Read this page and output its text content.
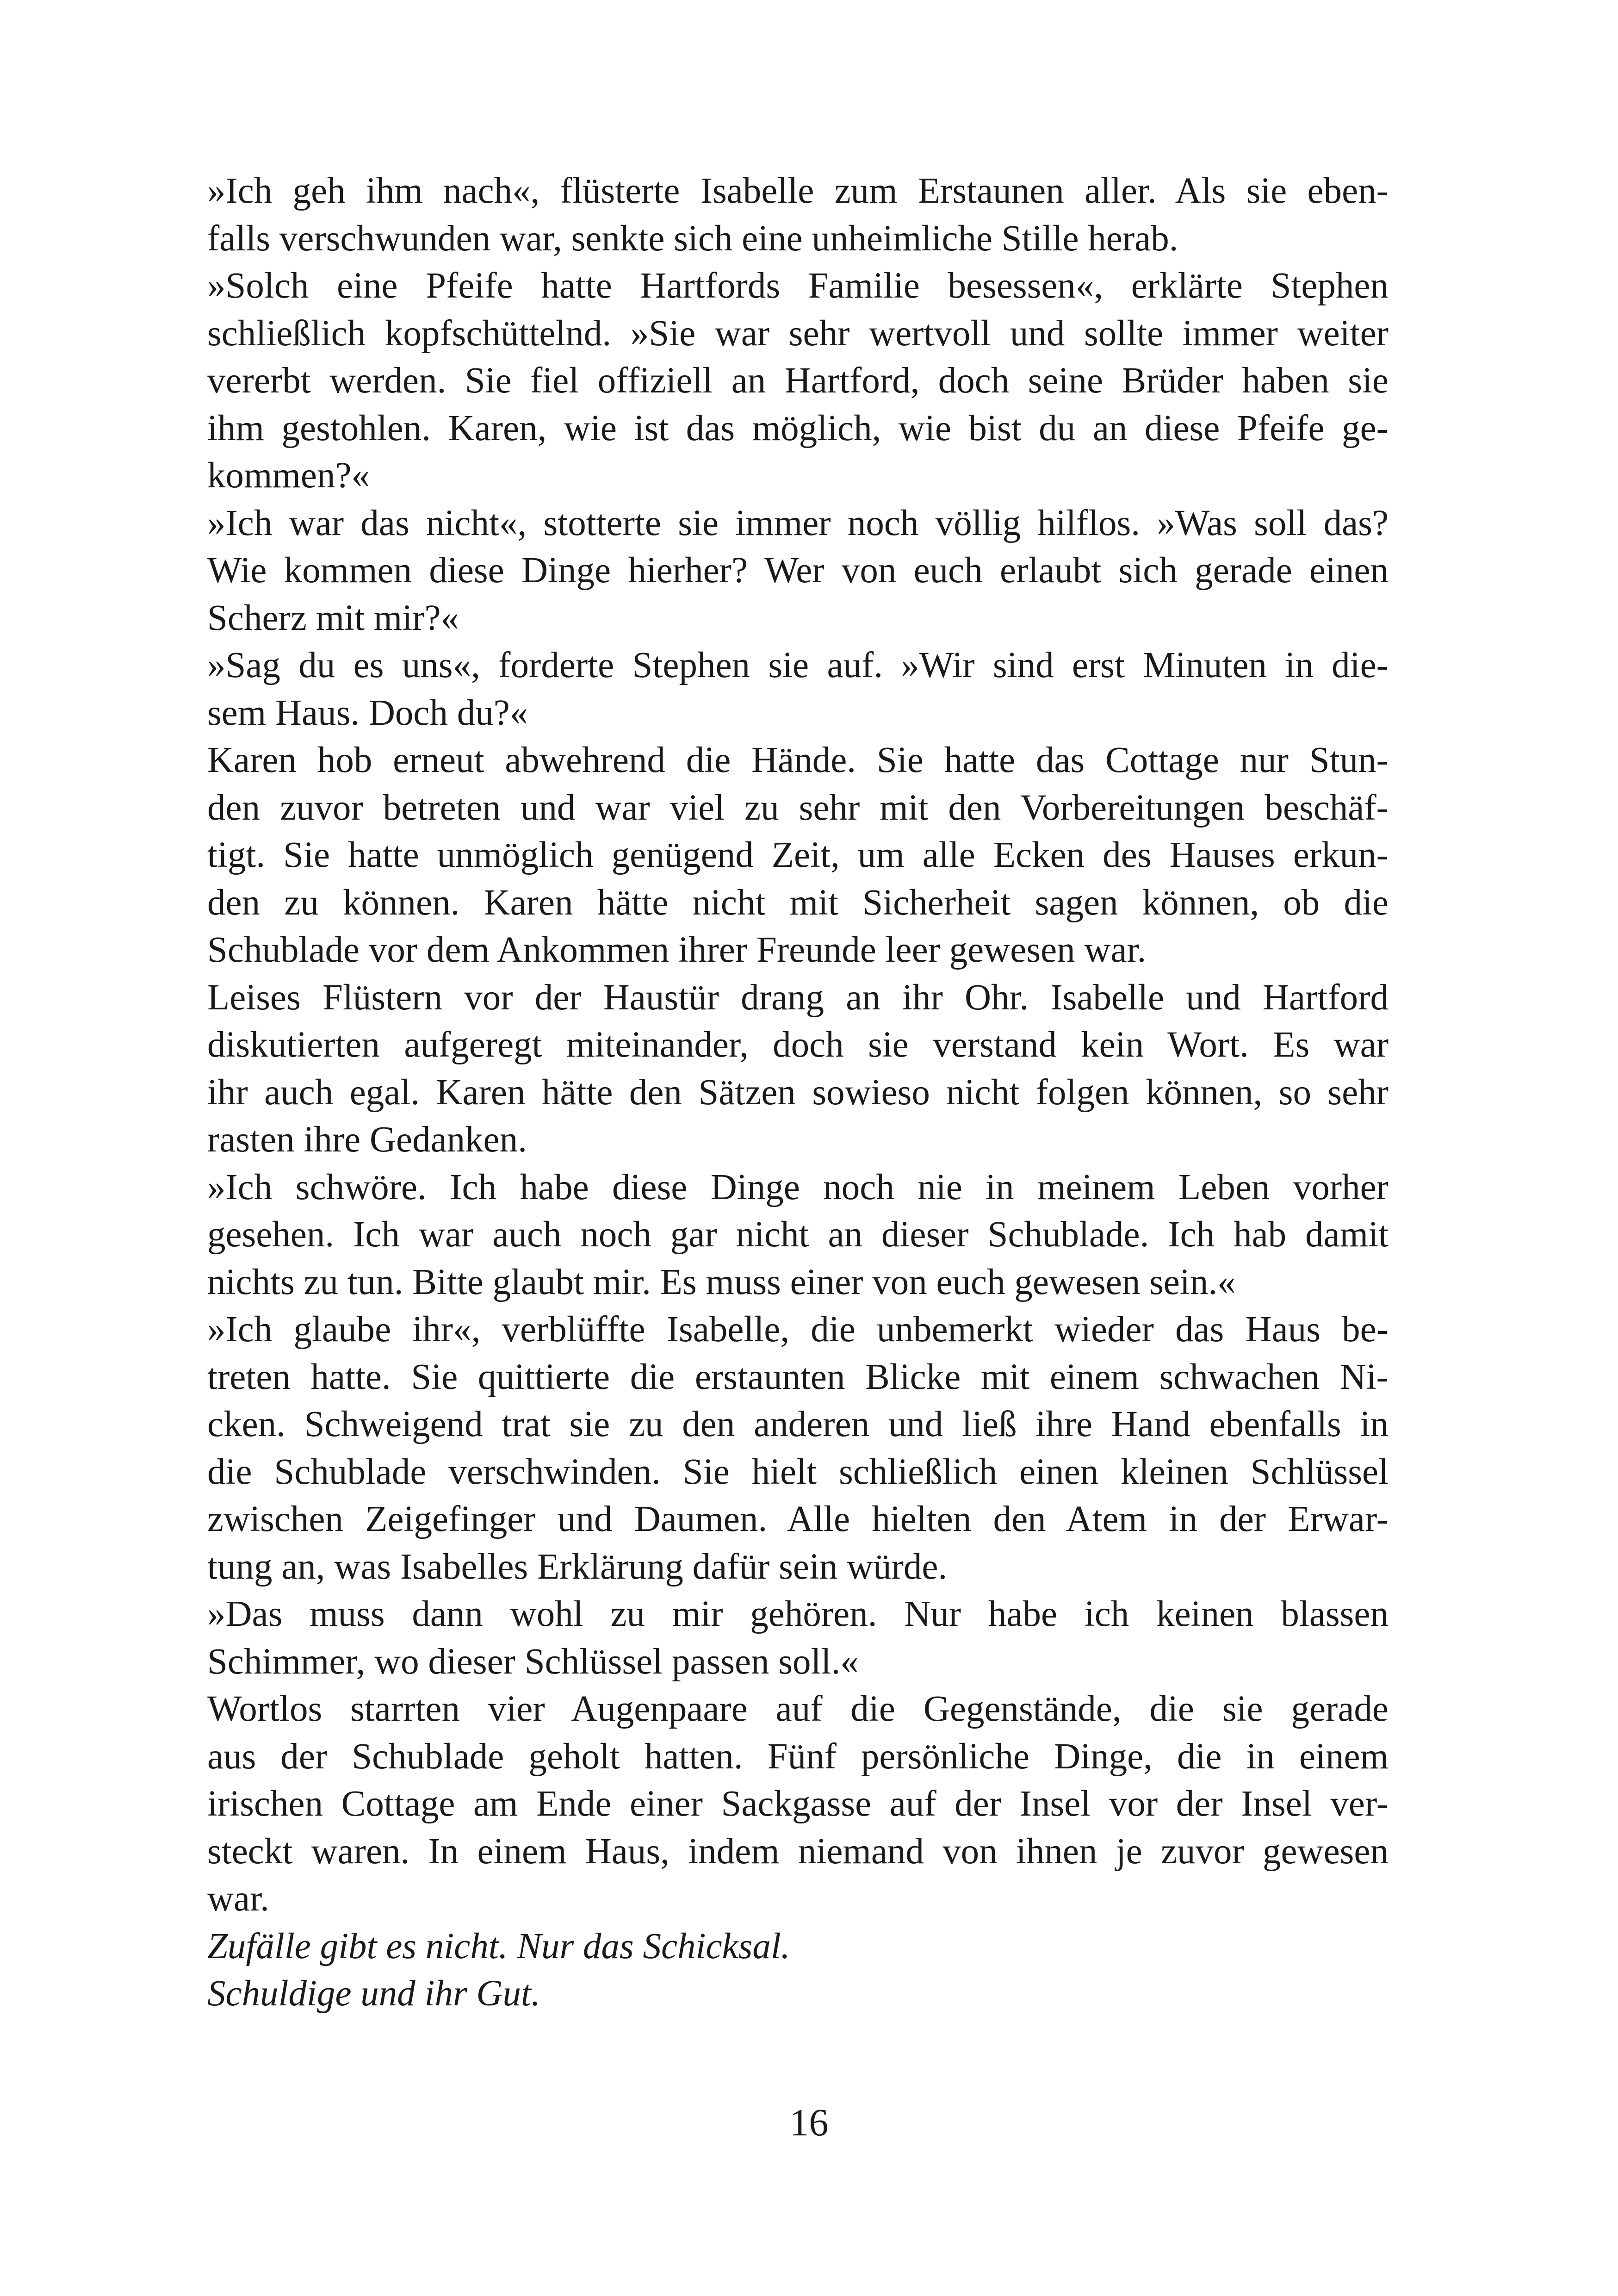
»Ich geh ihm nach«, flüsterte Isabelle zum Erstaunen aller. Als sie eben-
falls verschwunden war, senkte sich eine unheimliche Stille herab.

»Solch eine Pfeife hatte Hartfords Familie besessen«, erklärte Stephen
schließlich kopfschüttelnd. »Sie war sehr wertvoll und sollte immer weiter
vererbt werden. Sie fiel offiziell an Hartford, doch seine Brüder haben sie
ihm gestohlen. Karen, wie ist das möglich, wie bist du an diese Pfeife ge-
kommen?«

»Ich war das nicht«, stotterte sie immer noch völlig hilflos. »Was soll das?
Wie kommen diese Dinge hierher? Wer von euch erlaubt sich gerade einen
Scherz mit mir?«

»Sag du es uns«, forderte Stephen sie auf. »Wir sind erst Minuten in die-
sem Haus. Doch du?«

Karen hob erneut abwehrend die Hände. Sie hatte das Cottage nur Stun-
den zuvor betreten und war viel zu sehr mit den Vorbereitungen beschäf-
tigt. Sie hatte unmöglich genügend Zeit, um alle Ecken des Hauses erkun-
den zu können. Karen hätte nicht mit Sicherheit sagen können, ob die
Schublade vor dem Ankommen ihrer Freunde leer gewesen war.

Leises Flüstern vor der Haustür drang an ihr Ohr. Isabelle und Hartford
diskutierten aufgeregt miteinander, doch sie verstand kein Wort. Es war
ihr auch egal. Karen hätte den Sätzen sowieso nicht folgen können, so sehr
rasten ihre Gedanken.

»Ich schwöre. Ich habe diese Dinge noch nie in meinem Leben vorher
gesehen. Ich war auch noch gar nicht an dieser Schublade. Ich hab damit
nichts zu tun. Bitte glaubt mir. Es muss einer von euch gewesen sein.«

»Ich glaube ihr«, verblüffte Isabelle, die unbemerkt wieder das Haus be-
treten hatte. Sie quittierte die erstaunten Blicke mit einem schwachen Ni-
cken. Schweigend trat sie zu den anderen und ließ ihre Hand ebenfalls in
die Schublade verschwinden. Sie hielt schließlich einen kleinen Schlüssel
zwischen Zeigefinger und Daumen. Alle hielten den Atem in der Erwar-
tung an, was Isabelles Erklärung dafür sein würde.

»Das muss dann wohl zu mir gehören. Nur habe ich keinen blassen
Schimmer, wo dieser Schlüssel passen soll.«

Wortlos starrten vier Augenpaare auf die Gegenstände, die sie gerade
aus der Schublade geholt hatten. Fünf persönliche Dinge, die in einem
irischen Cottage am Ende einer Sackgasse auf der Insel vor der Insel ver-
steckt waren. In einem Haus, indem niemand von ihnen je zuvor gewesen
war.

Zufälle gibt es nicht. Nur das Schicksal.
Schuldige und ihr Gut.

16
